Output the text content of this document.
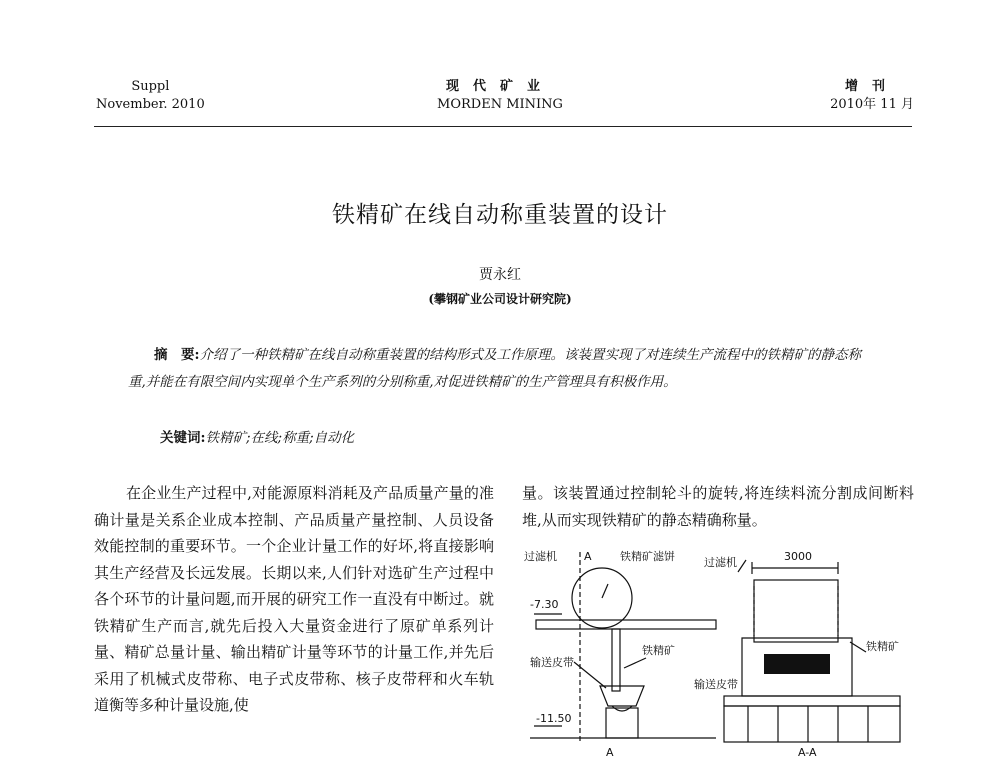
Suppl
November. 2010
现代矿业
MORDEN MINING
增刊
2010年 11 月
铁精矿在线自动称重装置的设计
贾永红
(攀钢矿业公司设计研究院)
摘　要:介绍了一种铁精矿在线自动称重装置的结构形式及工作原理。该装置实现了对连续生产流程中的铁精矿的静态称重,并能在有限空间内实现单个生产系列的分别称重,对促进铁精矿的生产管理具有积极作用。
关键词:铁精矿;在线;称重;自动化

在企业生产过程中,对能源原料消耗及产品质量产量的准确计量是关系企业成本控制、产品质量产量控制、人员设备效能控制的重要环节。一个企业计量工作的好坏,将直接影响其生产经营及长远发展。长期以来,人们针对选矿生产过程中各个环节的计量问题,而开展的研究工作一直没有中断过。就铁精矿生产而言,就先后投入大量资金进行了原矿单系列计量、精矿总量计量、输出精矿计量等环节的计量工作,并先后采用了机械式皮带称、电子式皮带称、核子皮带秤和火车轨道衡等多种计量设施,使

量。该装置通过控制轮斗的旋转,将连续料流分割成间断料堆,从而实现铁精矿的静态精确称量。

过滤机 A	铁精矿滤饼
-7.30
铁精矿
输送皮带
-11.50
A
过滤机	3000
铁精矿
输送皮带
A-A
